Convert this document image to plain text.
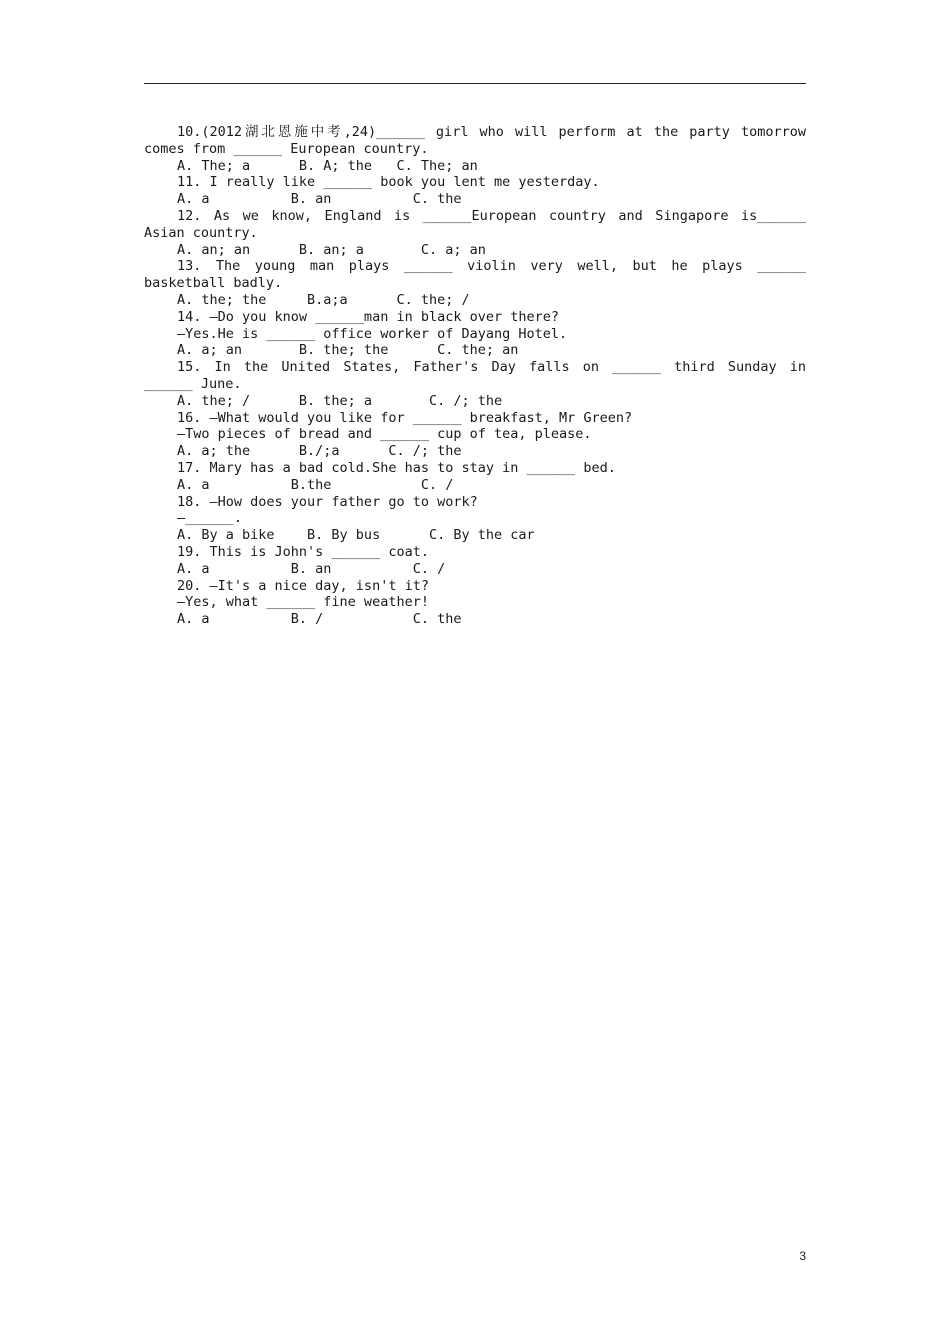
10.(2012湖北恩施中考,24)______ girl who will perform at the party tomorrow
comes from ______ European country.
A. The; a      B. A; the   C. The; an
11. I really like ______ book you lent me yesterday.
A. a          B. an          C. the
12. As we know, England is ______European country and Singapore is______
Asian country.
A. an; an      B. an; a       C. a; an
13. The young man plays ______ violin very well, but he plays ______
basketball badly.
A. the; the     B.a;a      C. the; /
14. —Do you know ______man in black over there?
—Yes.He is ______ office worker of Dayang Hotel.
A. a; an       B. the; the      C. the; an
15. In the United States, Father's Day falls on ______ third Sunday in
______ June.
A. the; /      B. the; a       C. /; the
16. —What would you like for ______ breakfast, Mr Green?
—Two pieces of bread and ______ cup of tea, please.
A. a; the      B./;a      C. /; the
17. Mary has a bad cold.She has to stay in ______ bed.
A. a          B.the           C. /
18. —How does your father go to work?
—______.
A. By a bike    B. By bus      C. By the car
19. This is John's ______ coat.
A. a          B. an          C. /
20. —It's a nice day, isn't it?
—Yes, what ______ fine weather!
A. a          B. /           C. the
3
